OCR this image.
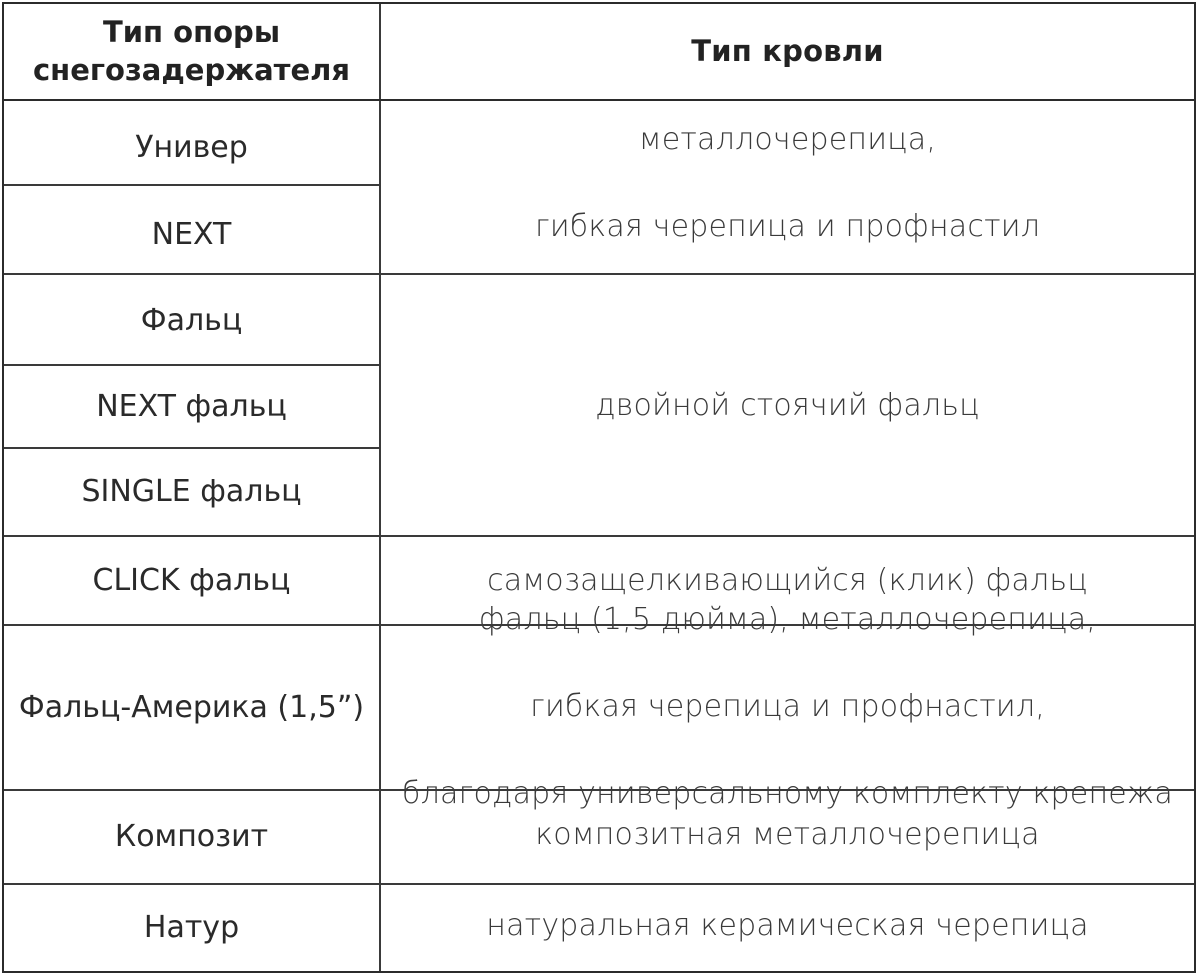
Тип опоры
снегозадержателя
Тип кровли
Универ
NEXT
Фальц
NEXT фальц
SINGLE фальц
CLICK фальц
Фальц-Америка (1,5”)
Композит
Натур

металлочерепица,

гибкая черепица и профнастил

двойной стоячий фальц
самозащелкивающийся (клик) фальц

фальц (1,5 дюйма), металлочерепица,

гибкая черепица и профнастил,

благодаря универсальному комплекту крепежа

композитная металлочерепица
натуральная керамическая черепица
